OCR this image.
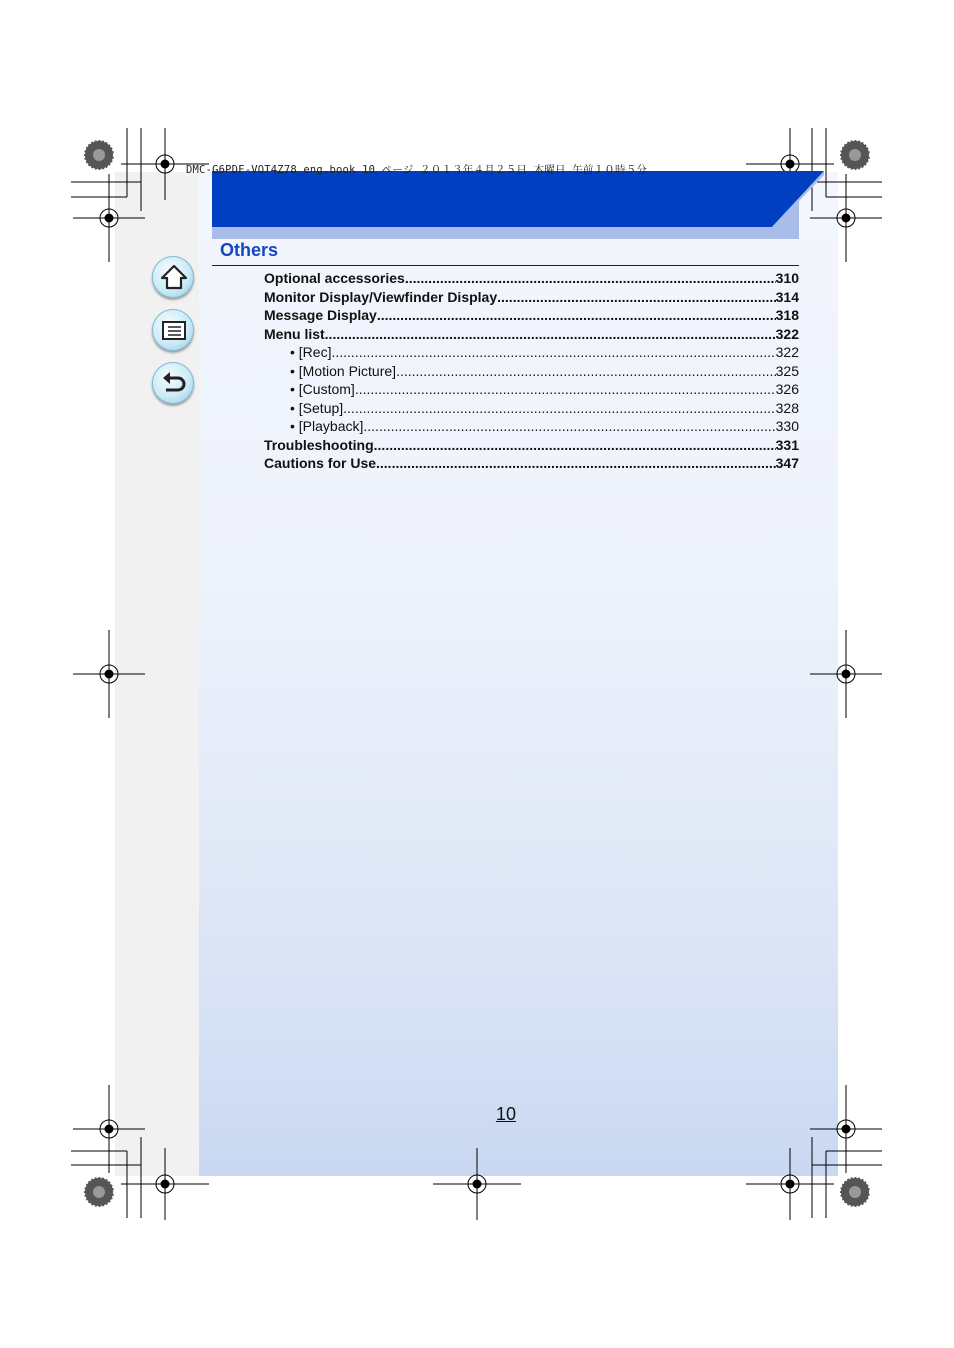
DMC-G6PDF-VQT4Z78_eng.book 10 ページ ２０１３年４月２５日 木曜日 午前１０時５分
Others
Optional accessories .....	310
Monitor Display/Viewfinder Display .....	314
Message Display .....	318
Menu list .....	322
• [Rec] .....	322
• [Motion Picture] .....	325
• [Custom] .....	326
• [Setup] .....	328
• [Playback] .....	330
Troubleshooting .....	331
Cautions for Use .....	347
10
